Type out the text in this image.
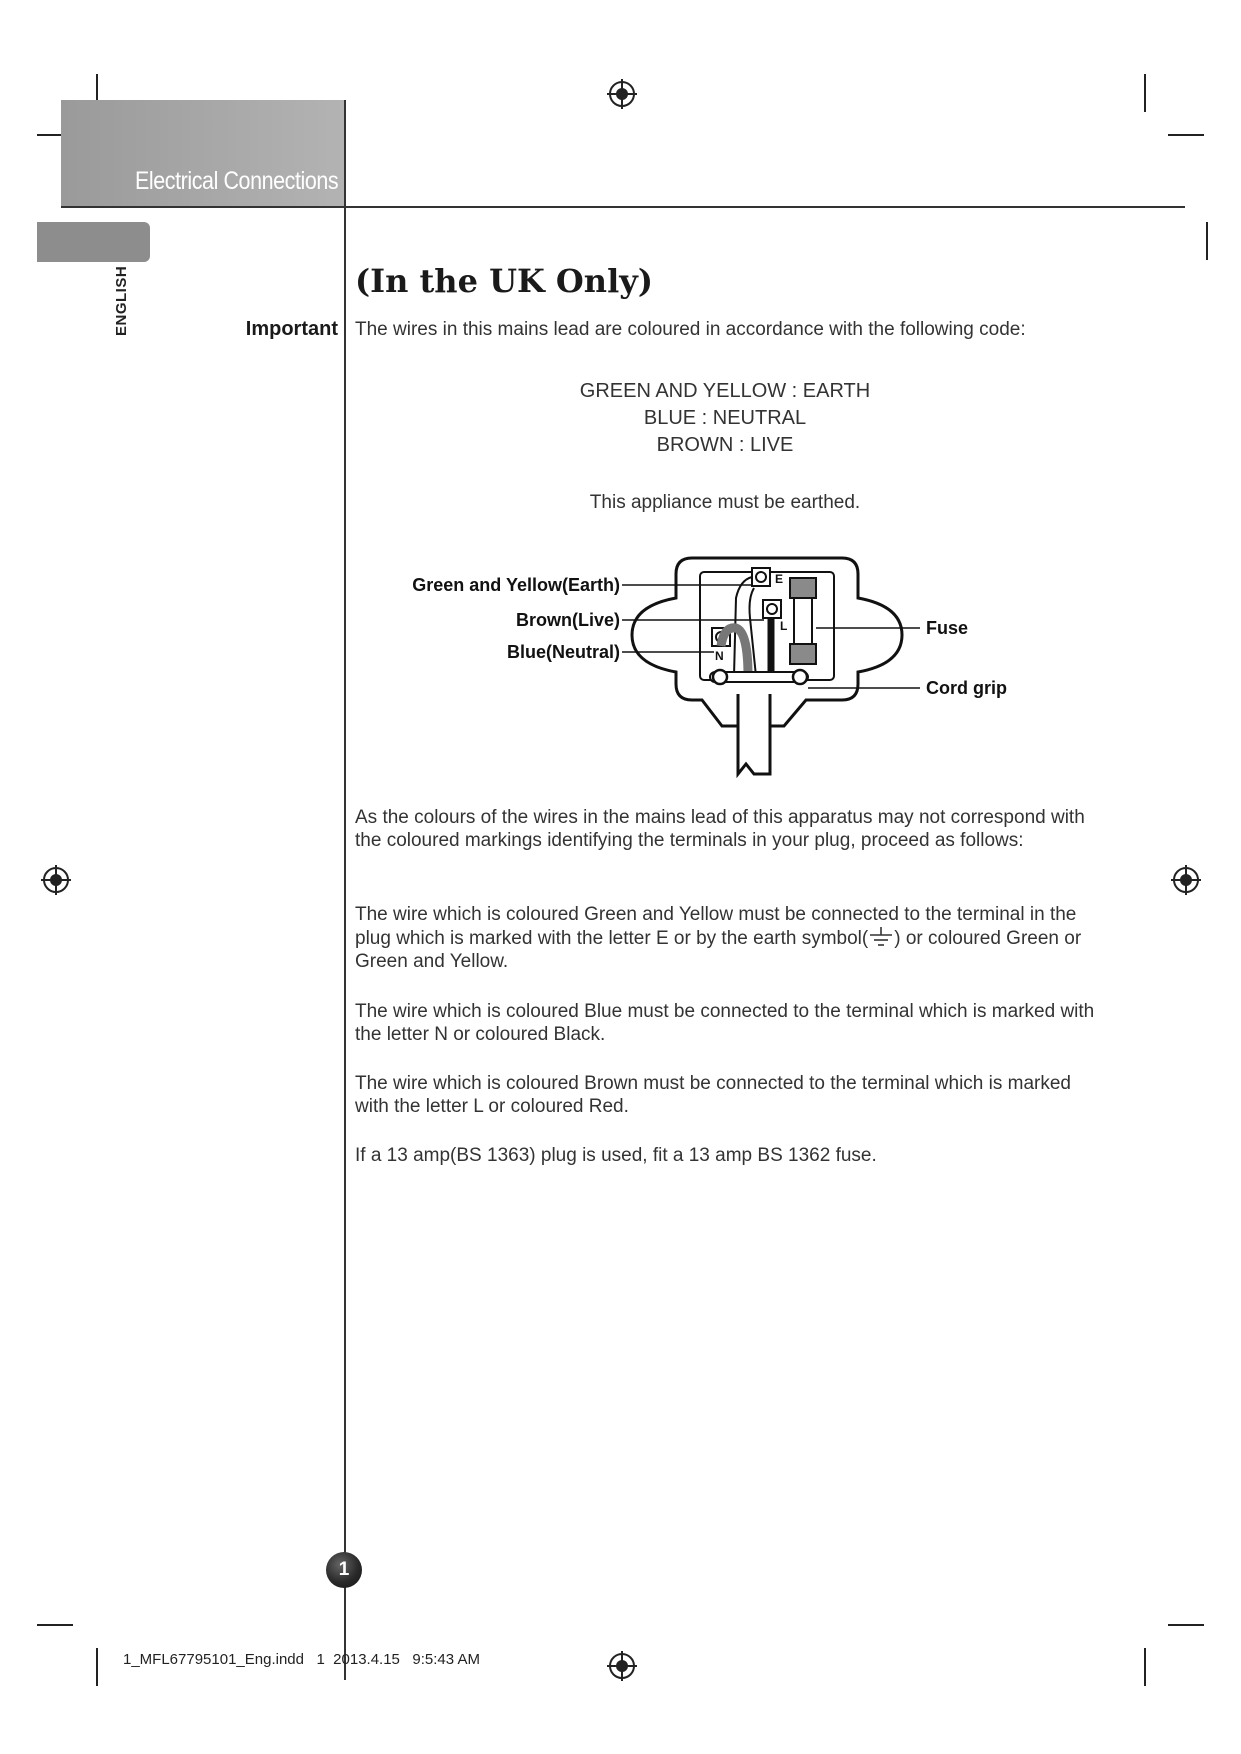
Electrical Connections
ENGLISH	(In the UK Only)
Important The wires in this mains lead are coloured in accordance with the following code:
GREEN AND YELLOW : EARTH
BLUE : NEUTRAL
BROWN : LIVE
This appliance must be earthed.
E
L
N
Green and Yellow(Earth)
Brown(Live)
Blue(Neutral)
Fuse
Cord grip
As the colours of the wires in the mains lead of this apparatus may not correspond with the coloured markings identifying the terminals in your plug, proceed as follows:
The wire which is coloured Green and Yellow must be connected to the terminal in the plug which is marked with the letter E or by the earth symbol( ) or coloured Green or Green and Yellow.
The wire which is coloured Blue must be connected to the terminal which is marked with the letter N or coloured Black.
The wire which is coloured Brown must be connected to the terminal which is marked with the letter L or coloured Red.
If a 13 amp(BS 1363) plug is used, fit a 13 amp BS 1362 fuse.
1
1_MFL67795101_Eng.indd   1  2013.4.15   9:5:43 AM
